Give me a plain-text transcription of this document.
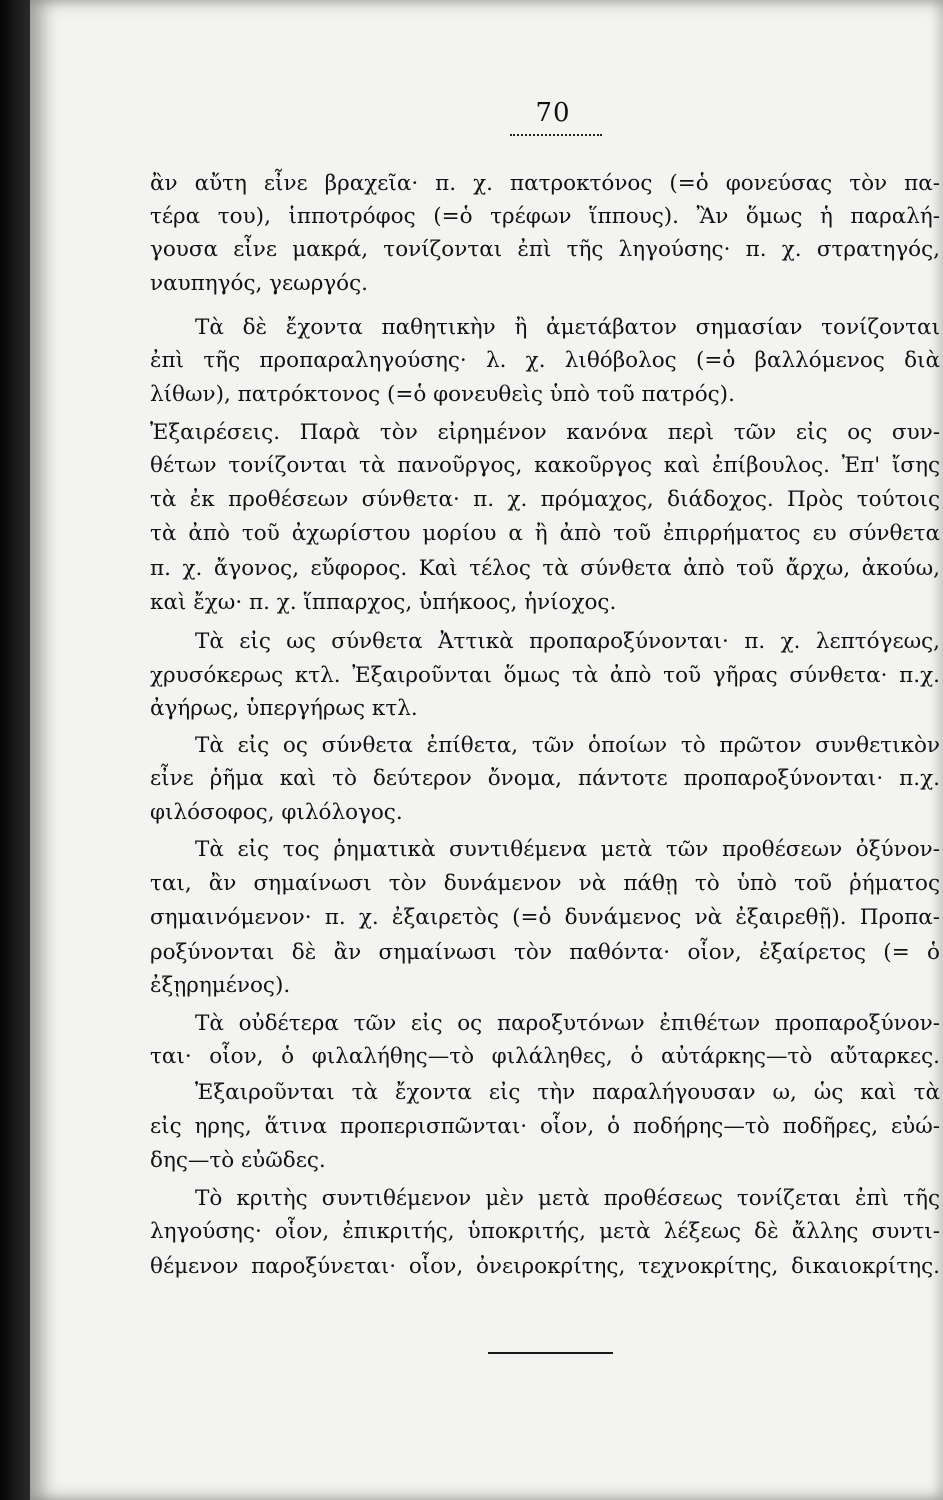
70
ἂν αὔτη εἶνε βραχεῖα· π. χ. πατροκτόνος (=ὁ φονεύσας τὸν πα-
τέρα του), ἱπποτρόφος (=ὁ τρέφων ἵππους). Ἂν ὅμως ἡ παραλή-
γουσα εἶνε μακρά, τονίζονται ἐπὶ τῆς ληγούσης· π. χ. στρατηγός,
ναυπηγός, γεωργός.
Τὰ δὲ ἔχοντα παθητικὴν ἢ ἀμετάβατον σημασίαν τονίζονται
ἐπὶ τῆς προπαραληγούσης· λ. χ. λιθόβολος (=ὁ βαλλόμενος διὰ
λίθων), πατρόκτονος (=ὁ φονευθεὶς ὑπὸ τοῦ πατρός).
Ἐξαιρέσεις. Παρὰ τὸν εἰρημένον κανόνα περὶ τῶν εἰς ος συν-
θέτων τονίζονται τὰ πανοῦργος, κακοῦργος καὶ ἐπίβουλος. Ἐπ' ἴσης
τὰ ἐκ προθέσεων σύνθετα· π. χ. πρόμαχος, διάδοχος. Πρὸς τούτοις
τὰ ἀπὸ τοῦ ἀχωρίστου μορίου α ἢ ἀπὸ τοῦ ἐπιρρήματος ευ σύνθετα
π. χ. ἄγονος, εὔφορος. Καὶ τέλος τὰ σύνθετα ἀπὸ τοῦ ἄρχω, ἀκούω,
καὶ ἔχω· π. χ. ἵππαρχος, ὑπήκοος, ἡνίοχος.
Τὰ εἰς ως σύνθετα Ἀττικὰ προπαροξύνονται· π. χ. λεπτόγεως,
χρυσόκερως κτλ. Ἐξαιροῦνται ὅμως τὰ ἀπὸ τοῦ γῆρας σύνθετα· π.χ.
ἀγήρως, ὑπεργήρως κτλ.
Τὰ εἰς ος σύνθετα ἐπίθετα, τῶν ὁποίων τὸ πρῶτον συνθετικὸν
εἶνε ῥῆμα καὶ τὸ δεύτερον ὄνομα, πάντοτε προπαροξύνονται· π.χ.
φιλόσοφος, φιλόλογος.
Τὰ εἰς τος ῥηματικὰ συντιθέμενα μετὰ τῶν προθέσεων ὀξύνον-
ται, ἂν σημαίνωσι τὸν δυνάμενον νὰ πάθῃ τὸ ὑπὸ τοῦ ῥήματος
σημαινόμενον· π. χ. ἐξαιρετὸς (=ὁ δυνάμενος νὰ ἐξαιρεθῇ). Προπα-
ροξύνονται δὲ ἂν σημαίνωσι τὸν παθόντα· οἷον, ἐξαίρετος (= ὁ
ἐξῃρημένος).
Τὰ οὐδέτερα τῶν εἰς ος παροξυτόνων ἐπιθέτων προπαροξύνον-
ται· οἷον, ὁ φιλαλήθης—τὸ φιλάληθες, ὁ αὐτάρκης—τὸ αὔταρκες.
Ἐξαιροῦνται τὰ ἔχοντα εἰς τὴν παραλήγουσαν ω, ὡς καὶ τὰ
εἰς ηρης, ἅτινα προπερισπῶνται· οἷον, ὁ ποδήρης—τὸ ποδῆρες, εὐώ-
δης—τὸ εὐῶδες.
Τὸ κριτὴς συντιθέμενον μὲν μετὰ προθέσεως τονίζεται ἐπὶ τῆς
ληγούσης· οἷον, ἐπικριτής, ὑποκριτής, μετὰ λέξεως δὲ ἄλλης συντι-
θέμενον παροξύνεται· οἷον, ὀνειροκρίτης, τεχνοκρίτης, δικαιοκρίτης.
